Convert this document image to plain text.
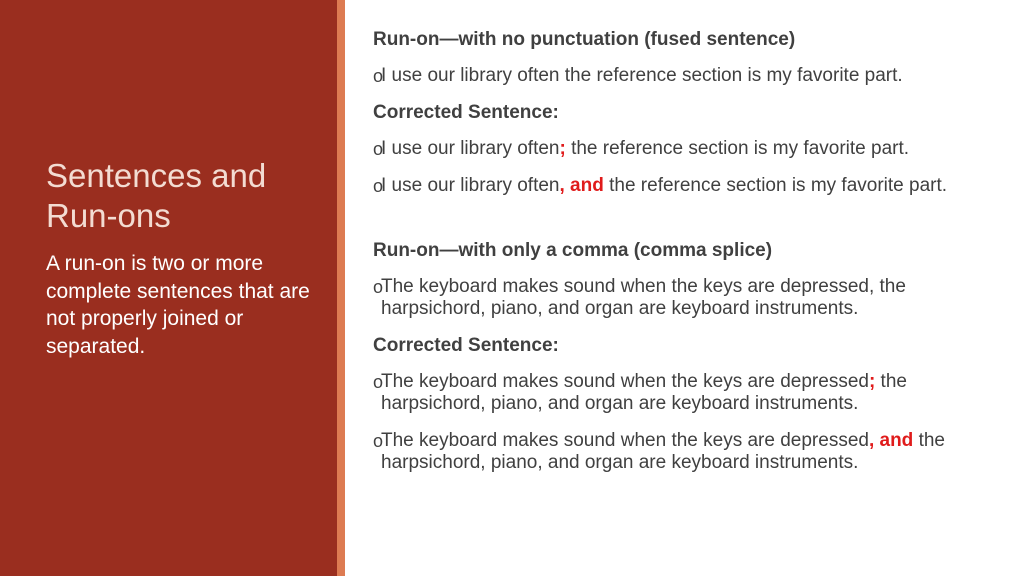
Sentences and Run-ons

A run-on is two or more complete sentences that are not properly joined or separated.

Run-on—with no punctuation (fused sentence)

o
I use our library often the reference section is my favorite part.

Corrected Sentence:

o
I use our library often; the reference section is my favorite part.
o
I use our library often, and the reference section is my favorite part.

Run-on—with only a comma (comma splice)

o
The keyboard makes sound when the keys are depressed, the harpsichord, piano, and organ are keyboard instruments.

Corrected Sentence:

o
The keyboard makes sound when the keys are depressed; the harpsichord, piano, and organ are keyboard instruments.
o
The keyboard makes sound when the keys are depressed, and the harpsichord, piano, and organ are keyboard instruments.
